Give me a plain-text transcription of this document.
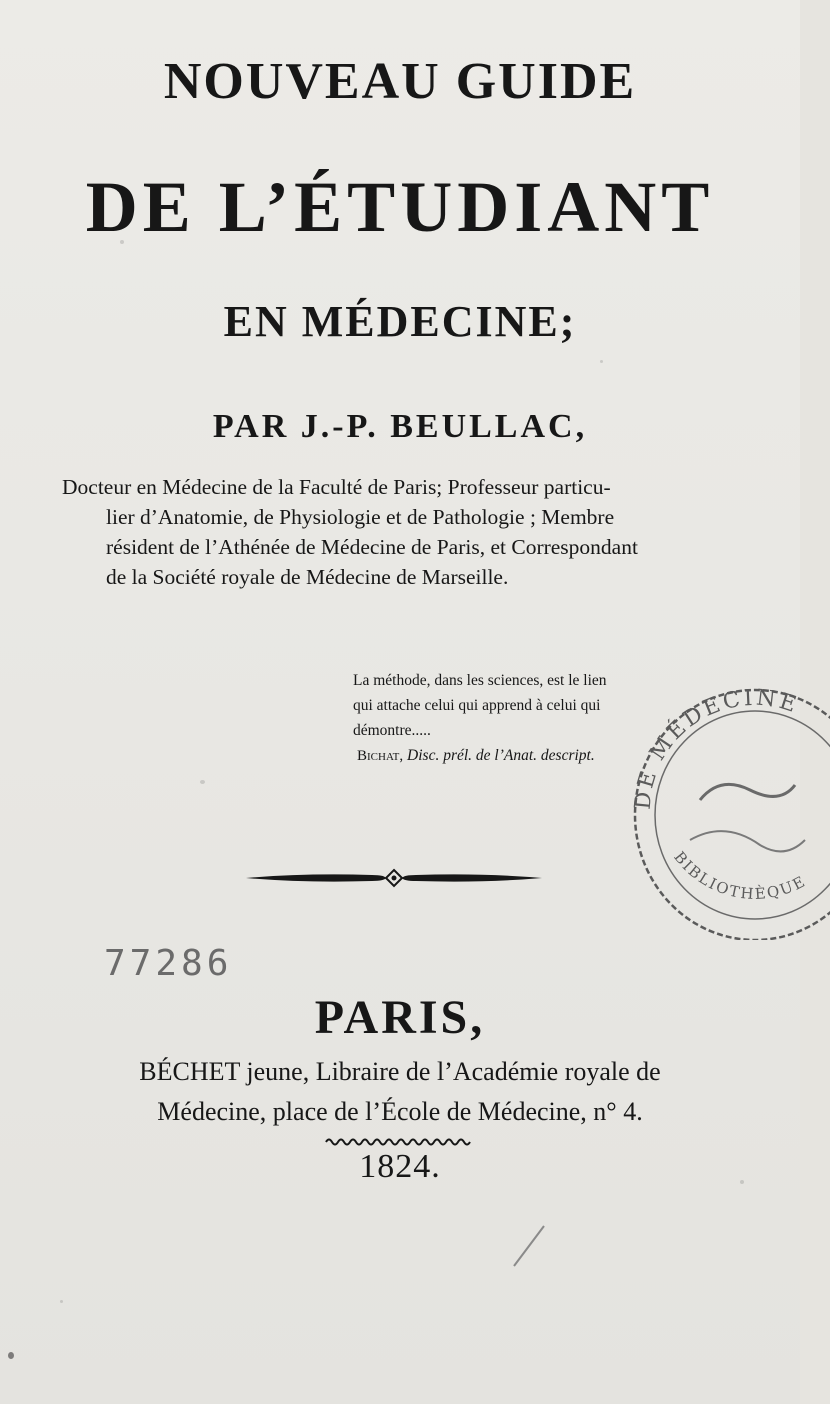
NOUVEAU GUIDE
DE L’ÉTUDIANT
EN MÉDECINE;
PAR J.-P. BEULLAC,
Docteur en Médecine de la Faculté de Paris; Professeur particu-
lier d’Anatomie, de Physiologie et de Pathologie ; Membre
résident de l’Athénée de Médecine de Paris, et Correspondant
de la Société royale de Médecine de Marseille.
La méthode, dans les sciences, est le lien
qui attache celui qui apprend à celui qui
démontre.....
Bichat, Disc. prél. de l’Anat. descript.
DE MÉDECINE
BIBLIOTHÈQUE
77286
PARIS,
BÉCHET jeune, Libraire de l’Académie royale de
Médecine, place de l’École de Médecine, n° 4.
1824.
